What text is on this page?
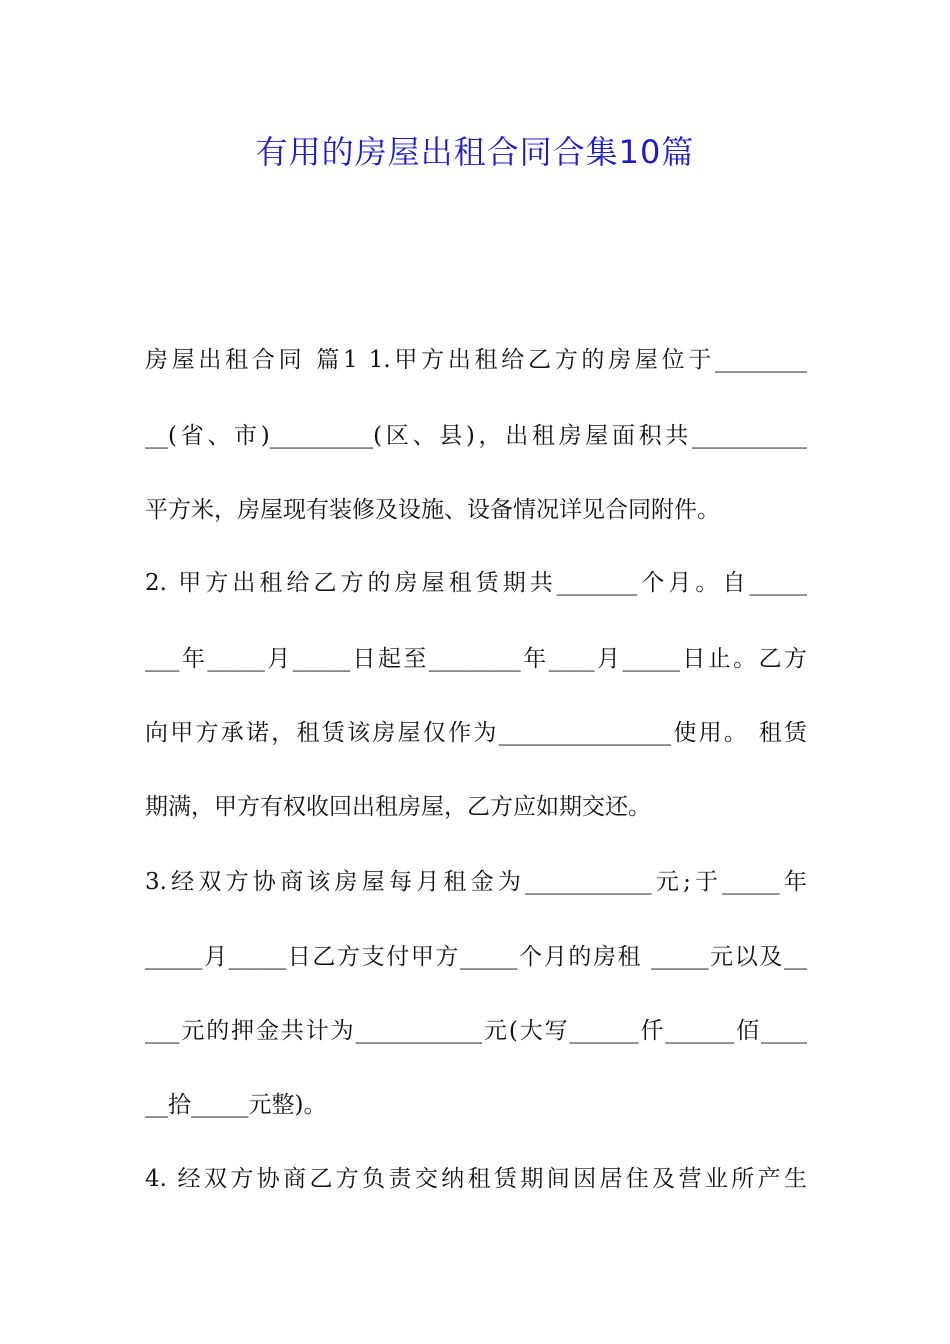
有用的房屋出租合同合集10篇
房屋出租合同 篇1 1.甲方出租给乙方的房屋位于________
__(省、市)_________(区、县)，出租房屋面积共__________
平方米，房屋现有装修及设施、设备情况详见合同附件。
2. 甲方出租给乙方的房屋租赁期共_______个月。自_____
___年_____月_____日起至________年____月_____日止。乙方
向甲方承诺，租赁该房屋仅作为_______________使用。 租赁
期满，甲方有权收回出租房屋，乙方应如期交还。
3.经双方协商该房屋每月租金为___________元;于_____年
_____月_____日乙方支付甲方_____个月的房租 _____元以及__
___元的押金共计为___________元(大写______仟______佰____
__拾_____元整)。
4. 经双方协商乙方负责交纳租赁期间因居住及营业所产生
